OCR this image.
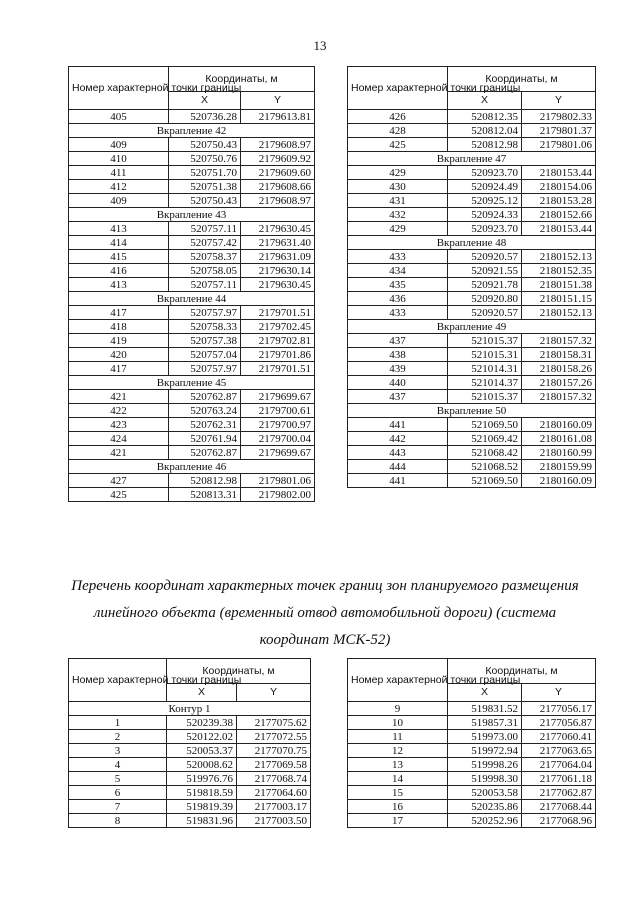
13
Номер характерной точки границы	Координаты, м	
	X	Y
405	520736.28	2179613.81
Вкрапление 42		
409	520750.43	2179608.97
410	520750.76	2179609.92
411	520751.70	2179609.60
412	520751.38	2179608.66
409	520750.43	2179608.97
Вкрапление 43		
413	520757.11	2179630.45
414	520757.42	2179631.40
415	520758.37	2179631.09
416	520758.05	2179630.14
413	520757.11	2179630.45
Вкрапление 44		
417	520757.97	2179701.51
418	520758.33	2179702.45
419	520757.38	2179702.81
420	520757.04	2179701.86
417	520757.97	2179701.51
Вкрапление 45		
421	520762.87	2179699.67
422	520763.24	2179700.61
423	520762.31	2179700.97
424	520761.94	2179700.04
421	520762.87	2179699.67
Вкрапление 46		
427	520812.98	2179801.06
425	520813.31	2179802.00
Номер характерной точки границы	Координаты, м	
	X	Y
426	520812.35	2179802.33
428	520812.04	2179801.37
425	520812.98	2179801.06
Вкрапление 47		
429	520923.70	2180153.44
430	520924.49	2180154.06
431	520925.12	2180153.28
432	520924.33	2180152.66
429	520923.70	2180153.44
Вкрапление 48		
433	520920.57	2180152.13
434	520921.55	2180152.35
435	520921.78	2180151.38
436	520920.80	2180151.15
433	520920.57	2180152.13
Вкрапление 49		
437	521015.37	2180157.32
438	521015.31	2180158.31
439	521014.31	2180158.26
440	521014.37	2180157.26
437	521015.37	2180157.32
Вкрапление 50		
441	521069.50	2180160.09
442	521069.42	2180161.08
443	521068.42	2180160.99
444	521068.52	2180159.99
441	521069.50	2180160.09
Перечень координат характерных точек границ зон планируемого размещения линейного объекта (временный отвод автомобильной дороги) (система координат МСК-52)
Номер характерной точки границы	Координаты, м	
	X	Y
Контур 1		
1	520239.38	2177075.62
2	520122.02	2177072.55
3	520053.37	2177070.75
4	520008.62	2177069.58
5	519976.76	2177068.74
6	519818.59	2177064.60
7	519819.39	2177003.17
8	519831.96	2177003.50
Номер характерной точки границы	Координаты, м	
	X	Y
9	519831.52	2177056.17
10	519857.31	2177056.87
11	519973.00	2177060.41
12	519972.94	2177063.65
13	519998.26	2177064.04
14	519998.30	2177061.18
15	520053.58	2177062.87
16	520235.86	2177068.44
17	520252.96	2177068.96
